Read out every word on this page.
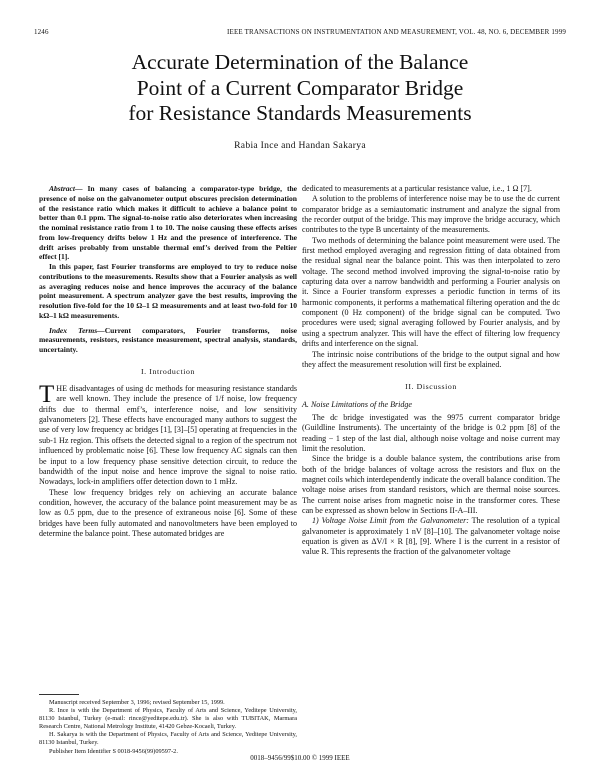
1246	IEEE TRANSACTIONS ON INSTRUMENTATION AND MEASUREMENT, VOL. 48, NO. 6, DECEMBER 1999
Accurate Determination of the Balance
Point of a Current Comparator Bridge
for Resistance Standards Measurements
Rabia Ince and Handan Sakarya

Abstract— In many cases of balancing a comparator-type bridge, the presence of noise on the galvanometer output obscures precision determination of the resistance ratio which makes it difficult to achieve a balance point to better than 0.1 ppm. The signal-to-noise ratio also deteriorates when increasing the nominal resistance ratio from 1 to 10. The noise causing these effects arises from low-frequency drifts below 1 Hz and the presence of interference. The drift arises probably from unstable thermal emf’s derived from the Peltier effect [1].

In this paper, fast Fourier transforms are employed to try to reduce noise contributions to the measurements. Results show that a Fourier analysis as well as averaging reduces noise and hence improves the accuracy of the balance point measurement. A spectrum analyzer gave the best results, improving the resolution five-fold for the 10 Ω–1 Ω measurements and at least two-fold for 10 kΩ–1 kΩ measurements.

Index Terms—Current comparators, Fourier transforms, noise measurements, resistors, resistance measurement, spectral analysis, standards, uncertainty.

I. Introduction

THE disadvantages of using dc methods for measuring resistance standards are well known. They include the presence of 1/f noise, low frequency drifts due to thermal emf’s, interference noise, and low sensitivity galvanometers [2]. These effects have encouraged many authors to suggest the use of very low frequency ac bridges [1], [3]–[5] operating at frequencies in the sub-1 Hz region. This offsets the detected signal to a region of the spectrum not influenced by problematic noise [6]. These low frequency AC signals can then be input to a low frequency phase sensitive detection circuit, to reduce the bandwidth of the input noise and hence improve the signal to noise ratio. Nowadays, lock-in amplifiers offer detection down to 1 mHz.

These low frequency bridges rely on achieving an accurate balance condition, however, the accuracy of the balance point measurement may be as low as 0.5 ppm, due to the presence of extraneous noise [6]. Some of these bridges have been fully automated and nanovoltmeters have been employed to determine the balance point. These automated bridges are

dedicated to measurements at a particular resistance value, i.e., 1 Ω [7].

A solution to the problems of interference noise may be to use the dc current comparator bridge as a semiautomatic instrument and analyze the signal from the recorder output of the bridge. This may improve the bridge accuracy, which contributes to the type B uncertainty of the measurements.

Two methods of determining the balance point measurement were used. The first method employed averaging and regression fitting of data obtained from the residual signal near the balance point. This was then interpolated to zero voltage. The second method involved improving the signal-to-noise ratio by capturing data over a narrow bandwidth and performing a Fourier analysis on it. Since a Fourier transform expresses a periodic function in terms of its harmonic components, it performs a mathematical filtering operation and the dc component (0 Hz component) of the bridge signal can be computed. Two procedures were used; signal averaging followed by Fourier analysis, and by using a spectrum analyzer. This will have the effect of filtering low frequency drifts and interference on the signal.

The intrinsic noise contributions of the bridge to the output signal and how they affect the measurement resolution will first be explained.

II. Discussion

A. Noise Limitations of the Bridge

The dc bridge investigated was the 9975 current comparator bridge (Guildline Instruments). The uncertainty of the bridge is 0.2 ppm [8] of the reading − 1 step of the last dial, although noise voltage and noise current may limit the resolution.

Since the bridge is a double balance system, the contributions arise from both of the bridge balances of voltage across the resistors and flux on the magnet coils which interdependently indicate the overall balance condition. The voltage noise arises from standard resistors, which are thermal noise sources. The current noise arises from magnetic noise in the transformer cores. These can be expressed as shown below in Sections II-A–III.

1) Voltage Noise Limit from the Galvanometer: The resolution of a typical galvanometer is approximately 1 nV [8]–[10]. The galvanometer voltage noise equation is given as ΔV/I × R [8], [9]. Where I is the current in a resistor of value R. This represents the fraction of the galvanometer voltage

Manuscript received September 3, 1996; revised September 15, 1999.

R. Ince is with the Department of Physics, Faculty of Arts and Science, Yeditepe University, 81130 Istanbul, Turkey (e-mail: rince@yeditepe.edu.tr). She is also with TUBITAK, Marmara Research Centre, National Metrology Institute, 41420 Gebze-Kocaeli, Turkey.

H. Sakarya is with the Department of Physics, Faculty of Arts and Science, Yeditepe University, 81130 Istanbul, Turkey.

Publisher Item Identifier S 0018-9456(99)09597-2.

0018–9456/99$10.00 © 1999 IEEE
